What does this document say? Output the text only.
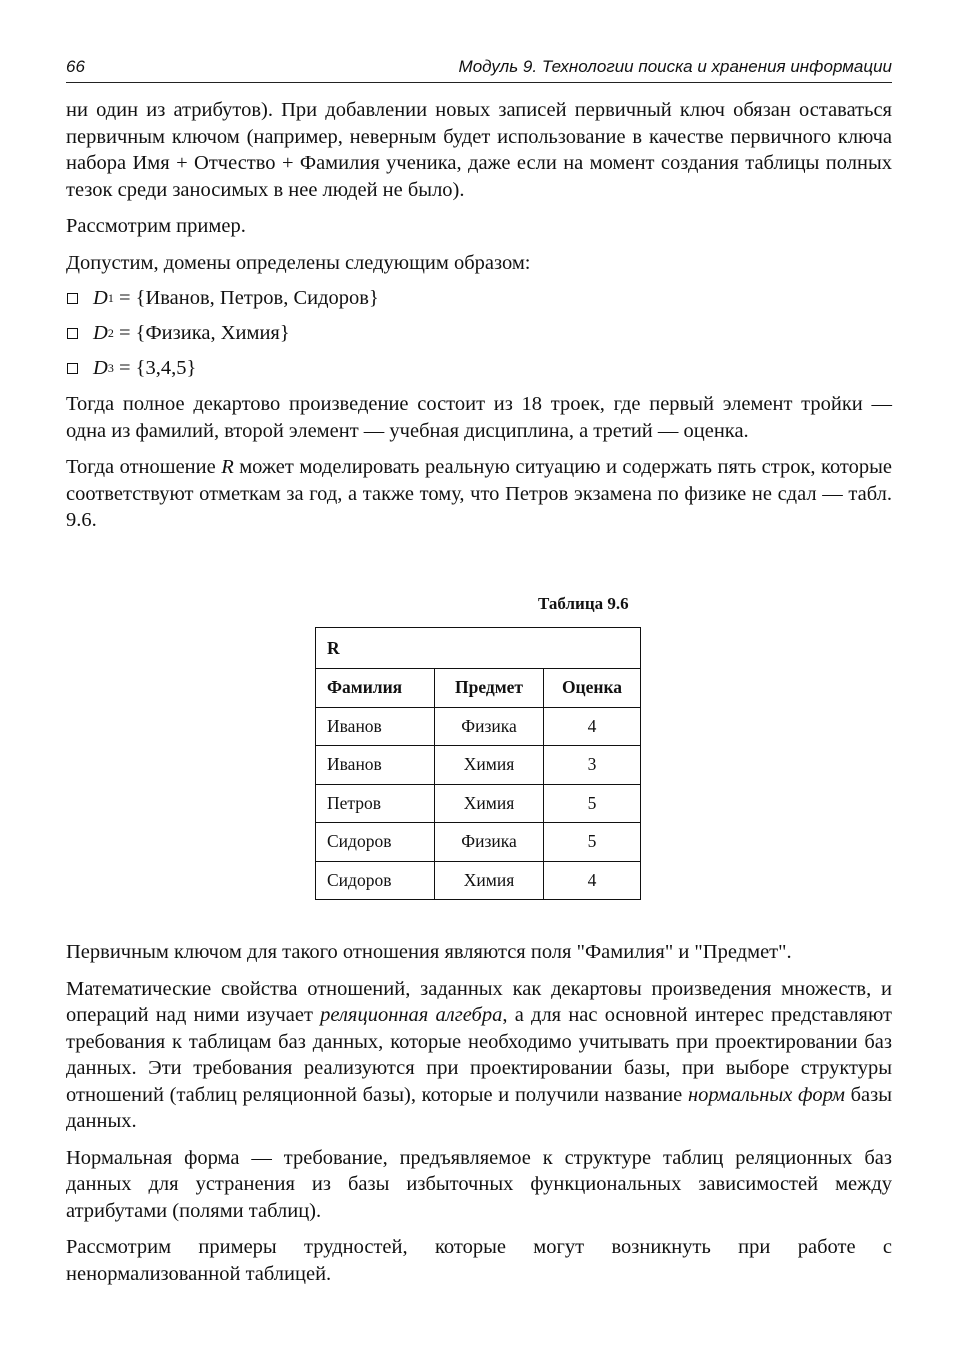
66	Модуль 9. Технологии поиска и хранения информации

ни один из атрибутов). При добавлении новых записей первичный ключ обязан оставаться первичным ключом (например, неверным будет использование в качестве первичного ключа набора Имя + Отчество + Фамилия ученика, даже если на момент создания таблицы полных тезок среди заносимых в нее людей не было).

Рассмотрим пример.

Допустим, домены определены следующим образом:

D 1 = {Иванов, Петров, Сидоров}
D 2 = {Физика, Химия}
D 3 = {3,4,5}

Тогда полное декартово произведение состоит из 18 троек, где первый элемент тройки — одна из фамилий, второй элемент — учебная дисциплина, а третий — оценка.

Тогда отношение R может моделировать реальную ситуацию и содержать пять строк, которые соответствуют отметкам за год, а также тому, что Петров экзамена по физике не сдал — табл. 9.6.

Таблица 9.6
R		
Фамилия	Предмет	Оценка
Иванов	Физика	4
Иванов	Химия	3
Петров	Химия	5
Сидоров	Физика	5
Сидоров	Химия	4

Первичным ключом для такого отношения являются поля "Фамилия" и "Предмет".

Математические свойства отношений, заданных как декартовы произведения множеств, и операций над ними изучает реляционная алгебра, а для нас основной интерес представляют требования к таблицам баз данных, которые необходимо учитывать при проектировании баз данных. Эти требования реализуются при проектировании базы, при выборе структуры отношений (таблиц реляционной базы), которые и получили название нормальных форм базы данных.

Нормальная форма — требование, предъявляемое к структуре таблиц реляционных баз данных для устранения из базы избыточных функциональных зависимостей между атрибутами (полями таблиц).

Рассмотрим примеры трудностей, которые могут возникнуть при работе с ненормализованной таблицей.
